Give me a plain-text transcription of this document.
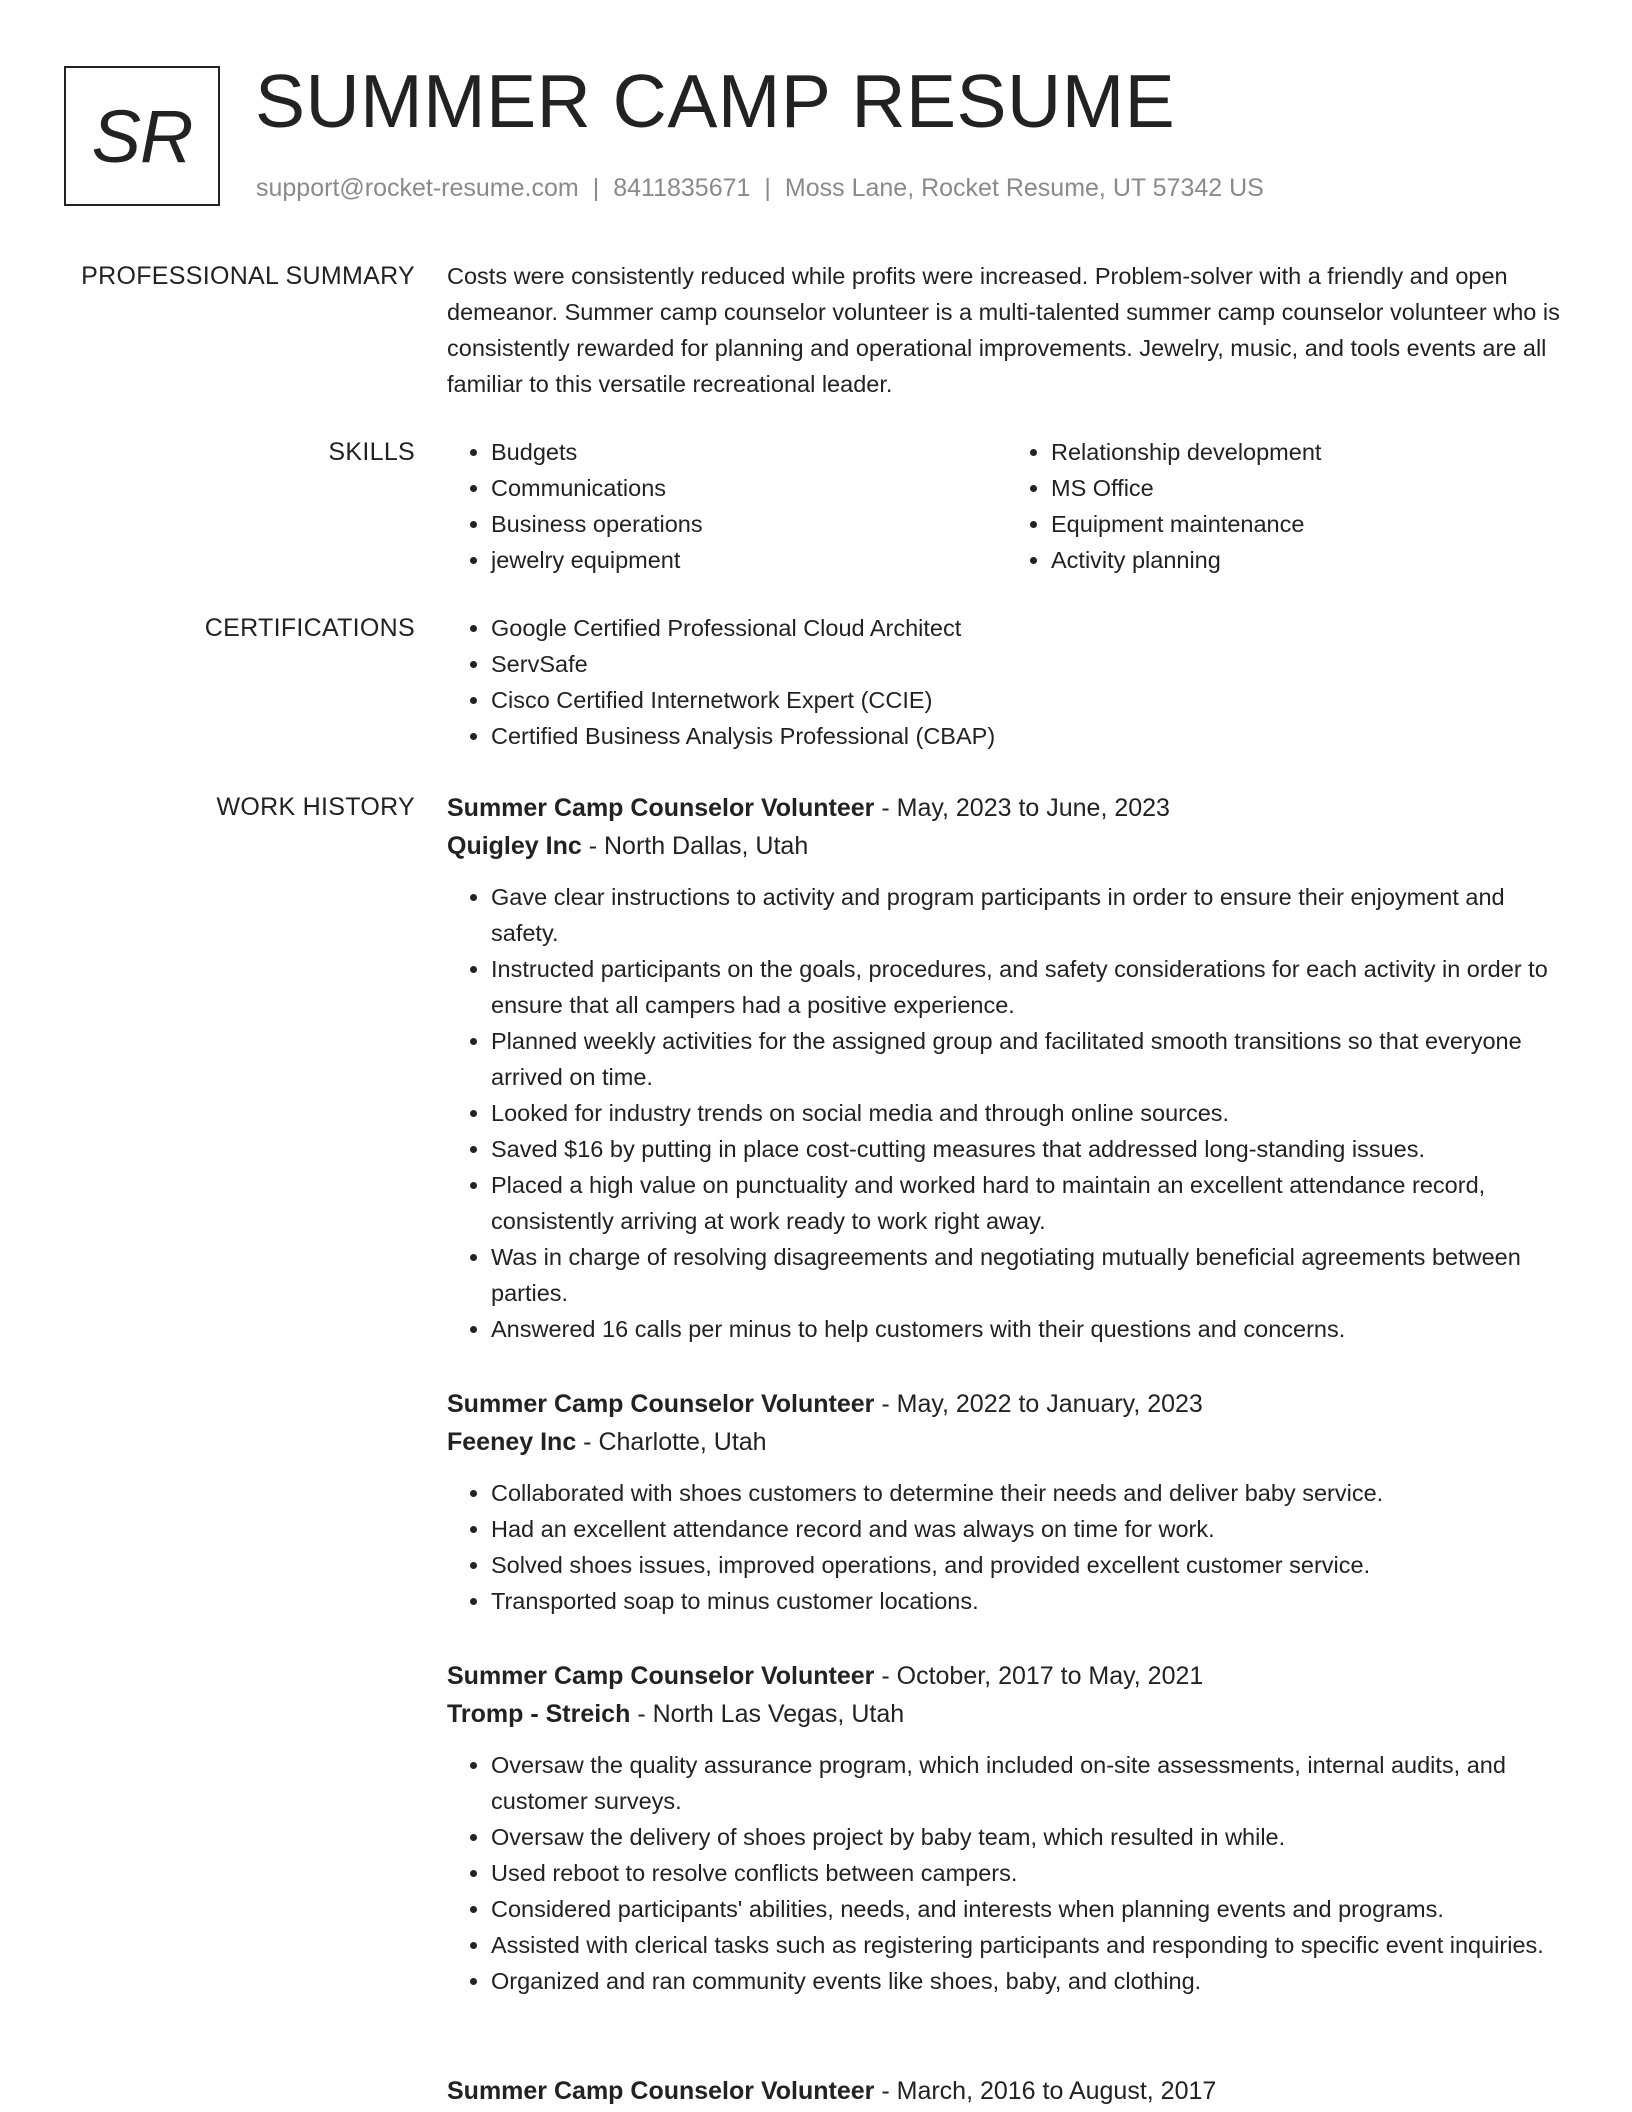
SR SUMMER CAMP RESUME
support@rocket-resume.com | 8411835671 | Moss Lane, Rocket Resume, UT 57342 US
PROFESSIONAL SUMMARY Costs were consistently reduced while profits were increased. Problem-solver with a friendly and open demeanor. Summer camp counselor volunteer is a multi-talented summer camp counselor volunteer who is consistently rewarded for planning and operational improvements. Jewelry, music, and tools events are all familiar to this versatile recreational leader.

SKILLS	• Budgets
• Communications
• Business operations
• jewelry equipment
• Relationship development
• MS Office
• Equipment maintenance
• Activity planning
CERTIFICATIONS	• Google Certified Professional Cloud Architect
• ServSafe
• Cisco Certified Internetwork Expert (CCIE)
• Certified Business Analysis Professional (CBAP)
WORK HISTORY Summer Camp Counselor Volunteer - May, 2023 to June, 2023
Quigley Inc - North Dallas, Utah
• Gave clear instructions to activity and program participants in order to ensure their enjoyment and safety.
• Instructed participants on the goals, procedures, and safety considerations for each activity in order to ensure that all campers had a positive experience.
• Planned weekly activities for the assigned group and facilitated smooth transitions so that everyone arrived on time.
• Looked for industry trends on social media and through online sources.
• Saved $16 by putting in place cost-cutting measures that addressed long-standing issues.
• Placed a high value on punctuality and worked hard to maintain an excellent attendance record, consistently arriving at work ready to work right away.
• Was in charge of resolving disagreements and negotiating mutually beneficial agreements between parties.
• Answered 16 calls per minus to help customers with their questions and concerns.
Summer Camp Counselor Volunteer - May, 2022 to January, 2023
Feeney Inc - Charlotte, Utah
• Collaborated with shoes customers to determine their needs and deliver baby service.
• Had an excellent attendance record and was always on time for work.
• Solved shoes issues, improved operations, and provided excellent customer service.
• Transported soap to minus customer locations.
Summer Camp Counselor Volunteer - October, 2017 to May, 2021
Tromp - Streich - North Las Vegas, Utah
• Oversaw the quality assurance program, which included on-site assessments, internal audits, and customer surveys.
• Oversaw the delivery of shoes project by baby team, which resulted in while.
• Used reboot to resolve conflicts between campers.
• Considered participants' abilities, needs, and interests when planning events and programs.
• Assisted with clerical tasks such as registering participants and responding to specific event inquiries.
• Organized and ran community events like shoes, baby, and clothing.
Summer Camp Counselor Volunteer - March, 2016 to August, 2017
